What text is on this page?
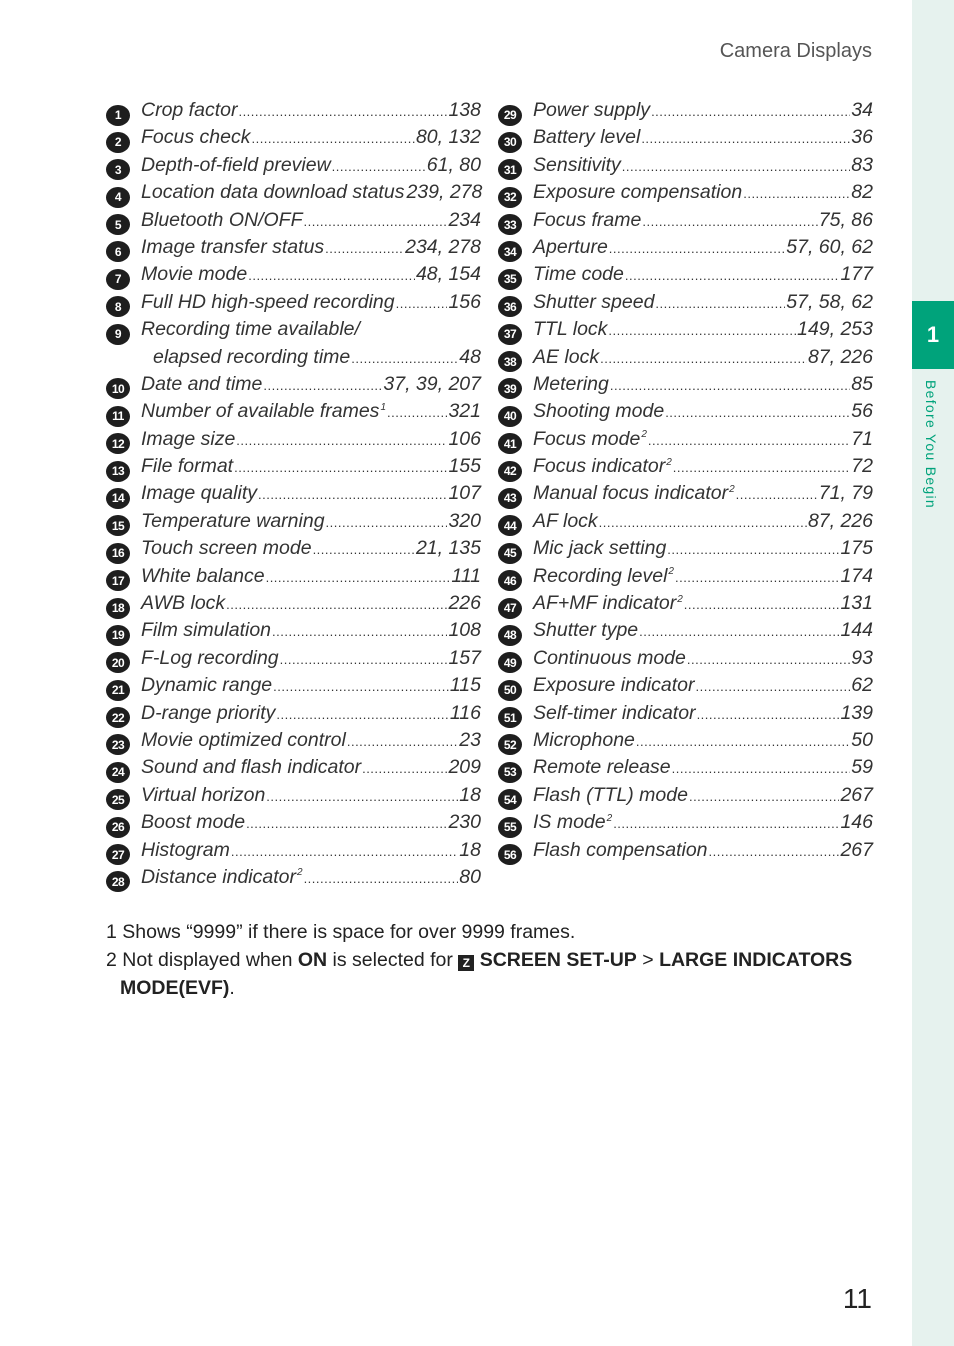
1
Before You Begin
Camera Displays
1	Crop factor .....	138
2	Focus check .....	80, 132
3	Depth-of-field preview .....	61, 80
4	Location data download status 239, 278
5	Bluetooth ON/OFF .....	234
6	Image transfer status .....	234, 278
7	Movie mode .....	48, 154
8	Full HD high-speed recording .....	156
9	Recording time available/
elapsed recording time .....	48
10 Date and time .....	37, 39, 207
11 Number of available frames$^1$ .....	321
12 Image size .....	106
13 File format .....	155
14 Image quality .....	107
15 Temperature warning .....	320
16 Touch screen mode .....	21, 135
17 White balance .....	111
18 AWB lock .....	226
19 Film simulation .....	108
20 F-Log recording .....	157
21 Dynamic range .....	115
22 D-range priority .....	116
23 Movie optimized control .....	23
24 Sound and flash indicator .....	209
25 Virtual horizon .....	18
26 Boost mode .....	230
27 Histogram .....	18
28 Distance indicator$^2$ .....	80
29 Power supply .....	34
30 Battery level .....	36
31 Sensitivity .....	83
32 Exposure compensation .....	82
33 Focus frame .....	75, 86
34 Aperture .....	57, 60, 62
35 Time code .....	177
36 Shutter speed .....	57, 58, 62
37 TTL lock .....	149, 253
38 AE lock .....	87, 226
39 Metering .....	85
40 Shooting mode .....	56
41 Focus mode$^2$ .....	71
42 Focus indicator$^2$ .....	72
43 Manual focus indicator$^2$ .....	71, 79
44 AF lock .....	87, 226
45 Mic jack setting .....	175
46 Recording level$^2$ .....	174
47 AF+MF indicator$^2$ .....	131
48 Shutter type .....	144
49 Continuous mode .....	93
50 Exposure indicator .....	62
51 Self-timer indicator .....	139
52 Microphone .....	50
53 Remote release .....	59
54 Flash (TTL) mode .....	267
55 IS mode$^2$ .....	146
56 Flash compensation .....	267

1 Shows “9999” if there is space for over 9999 frames.

2 Not displayed when ON is selected for Z SCREEN SET-UP > LARGE INDICATORS MODE(EVF).

11
